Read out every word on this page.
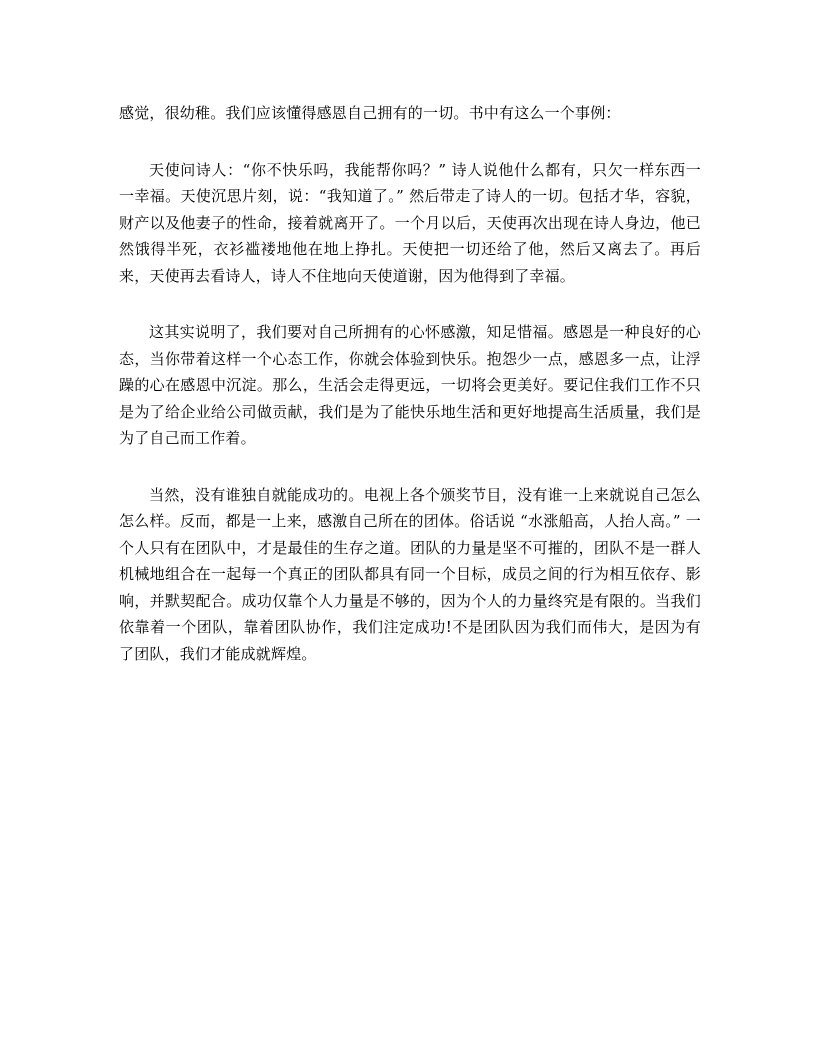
感觉，很幼稚。我们应该懂得感恩自己拥有的一切。书中有这么一个事例：

天使问诗人：“你不快乐吗，我能帮你吗？” 诗人说他什么都有，只欠一样东西一一幸福。天使沉思片刻，说：“我知道了。” 然后带走了诗人的一切。包括才华，容貌，财产以及他妻子的性命，接着就离开了。一个月以后，天使再次出现在诗人身边，他已然饿得半死，衣衫褴褛地他在地上挣扎。天使把一切还给了他，然后又离去了。再后来，天使再去看诗人，诗人不住地向天使道谢，因为他得到了幸福。

这其实说明了，我们要对自己所拥有的心怀感激，知足惜福。感恩是一种良好的心态，当你带着这样一个心态工作，你就会体验到快乐。抱怨少一点，感恩多一点，让浮躁的心在感恩中沉淀。那么，生活会走得更远，一切将会更美好。要记住我们工作不只是为了给企业给公司做贡献，我们是为了能快乐地生活和更好地提高生活质量，我们是为了自己而工作着。

当然，没有谁独自就能成功的。电视上各个颁奖节目，没有谁一上来就说自己怎么怎么样。反而，都是一上来，感激自己所在的团体。俗话说 “水涨船高，人抬人高。” 一个人只有在团队中，才是最佳的生存之道。团队的力量是坚不可摧的，团队不是一群人机械地组合在一起每一个真正的团队都具有同一个目标，成员之间的行为相互依存、影响，并默契配合。成功仅靠个人力量是不够的，因为个人的力量终究是有限的。当我们依靠着一个团队，靠着团队协作，我们注定成功!不是团队因为我们而伟大，是因为有了团队，我们才能成就辉煌。
